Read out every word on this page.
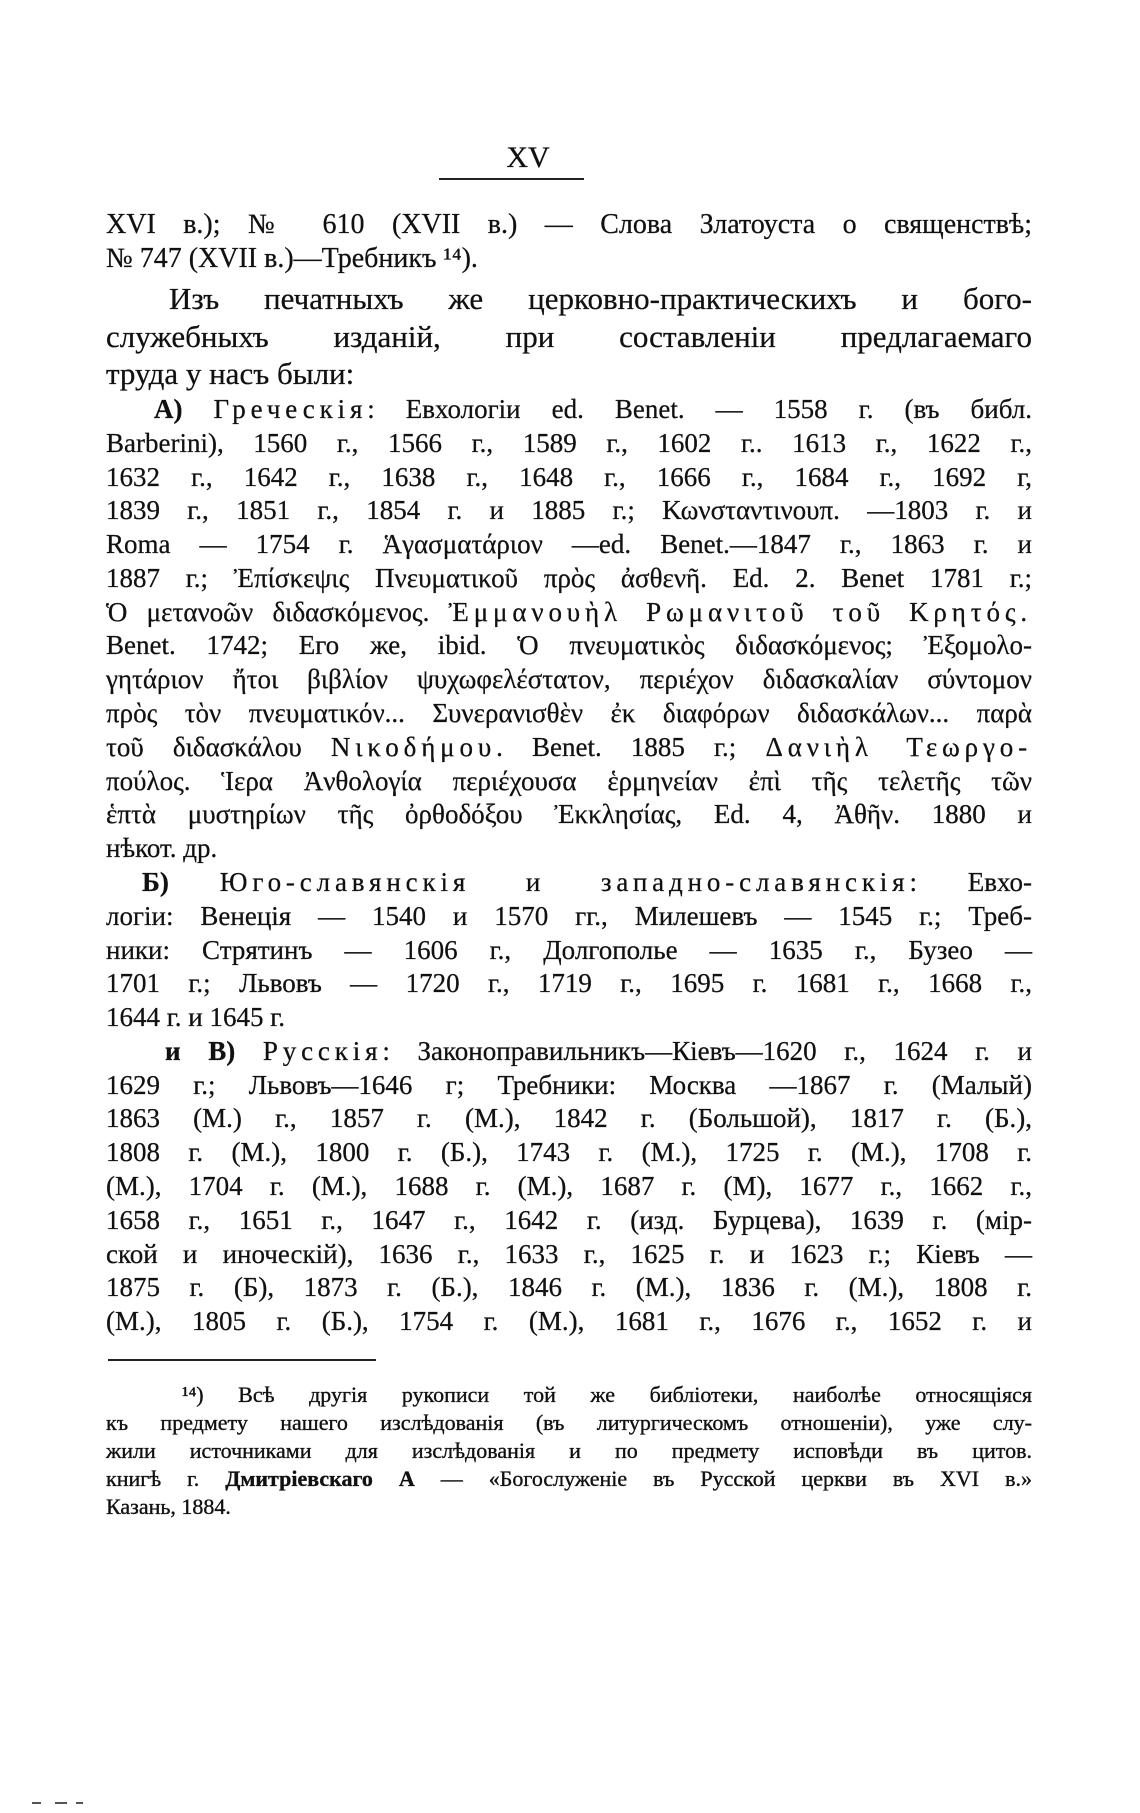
XV
XVI в.); № 610 (XVII в.) — Слова Златоуста о священствѣ;
№ 747 (XVII в.)—Требникъ ¹⁴).
Изъ печатныхъ же церковно-практическихъ и бого-
служебныхъ изданій, при составленіи предлагаемаго
труда у насъ были:
А) Греческія: Евхологіи ed. Benet. — 1558 г. (въ библ.
Barberini), 1560 г., 1566 г., 1589 г., 1602 г.. 1613 г., 1622 г.,
1632 г., 1642 г., 1638 г., 1648 г., 1666 г., 1684 г., 1692 г,
1839 г., 1851 г., 1854 г. и 1885 г.; Κωνσταντινουπ. —1803 г. и
Roma — 1754 г. Ἁγασματάριον —ed. Benet.—1847 г., 1863 г. и
1887 г.; Ἐπίσκεψις Πνευματικοῦ πρὸς ἀσθενῆ. Ed. 2. Benet 1781 г.;
Ὁ μετανοῶν διδασκόμενος. Ἐμμανουὴλ Ρωμανιτοῦ τοῦ Κρητός.
Benet. 1742; Его же, ibid. Ὁ πνευματικὸς διδασκόμενος; Ἐξομολο-
γητάριον ἤτοι βιβλίον ψυχωφελέστατον, περιέχον διδασκαλίαν σύντομον
πρὸς τὸν πνευματικόν... Συνερανισθὲν ἐκ διαφόρων διδασκάλων... παρὰ
τοῦ διδασκάλου Νικοδήμου. Benet. 1885 г.; Δανιὴλ Τεωργο-
πούλος. Ἱερα Ἀνθολογία περιέχουσα ἑρμηνείαν ἐπὶ τῆς τελετῆς τῶν
ἑπτὰ μυστηρίων τῆς ὀρθοδόξου Ἐκκλησίας, Ed. 4, Ἀθῆν. 1880 и
нѣкот. др.
Б) Юго-славянскія и западно-славянскія: Евхо-
логіи: Венеція — 1540 и 1570 гг., Милешевъ — 1545 г.; Треб-
ники: Стрятинъ — 1606 г., Долгополье — 1635 г., Бузео —
1701 г.; Львовъ — 1720 г., 1719 г., 1695 г. 1681 г., 1668 г.,
1644 г. и 1645 г.
и В) Русскія: Законоправильникъ—Кіевъ—1620 г., 1624 г. и
1629 г.; Львовъ—1646 г; Требники: Москва —1867 г. (Малый)
1863 (М.) г., 1857 г. (М.), 1842 г. (Большой), 1817 г. (Б.),
1808 г. (М.), 1800 г. (Б.), 1743 г. (М.), 1725 г. (М.), 1708 г.
(М.), 1704 г. (М.), 1688 г. (М.), 1687 г. (М), 1677 г., 1662 г.,
1658 г., 1651 г., 1647 г., 1642 г. (изд. Бурцева), 1639 г. (мір-
ской и иноческій), 1636 г., 1633 г., 1625 г. и 1623 г.; Кіевъ —
1875 г. (Б), 1873 г. (Б.), 1846 г. (М.), 1836 г. (М.), 1808 г.
(М.), 1805 г. (Б.), 1754 г. (М.), 1681 г., 1676 г., 1652 г. и
¹⁴) Всѣ другія рукописи той же библіотеки, наиболѣе относящіяся
къ предмету нашего изслѣдованія (въ литургическомъ отношеніи), уже слу-
жили источниками для изслѣдованія и по предмету исповѣди въ цитов.
книгѣ г. Дмитріевскаго А — «Богослуженіе въ Русской церкви въ XVI в.»
Казань, 1884.
